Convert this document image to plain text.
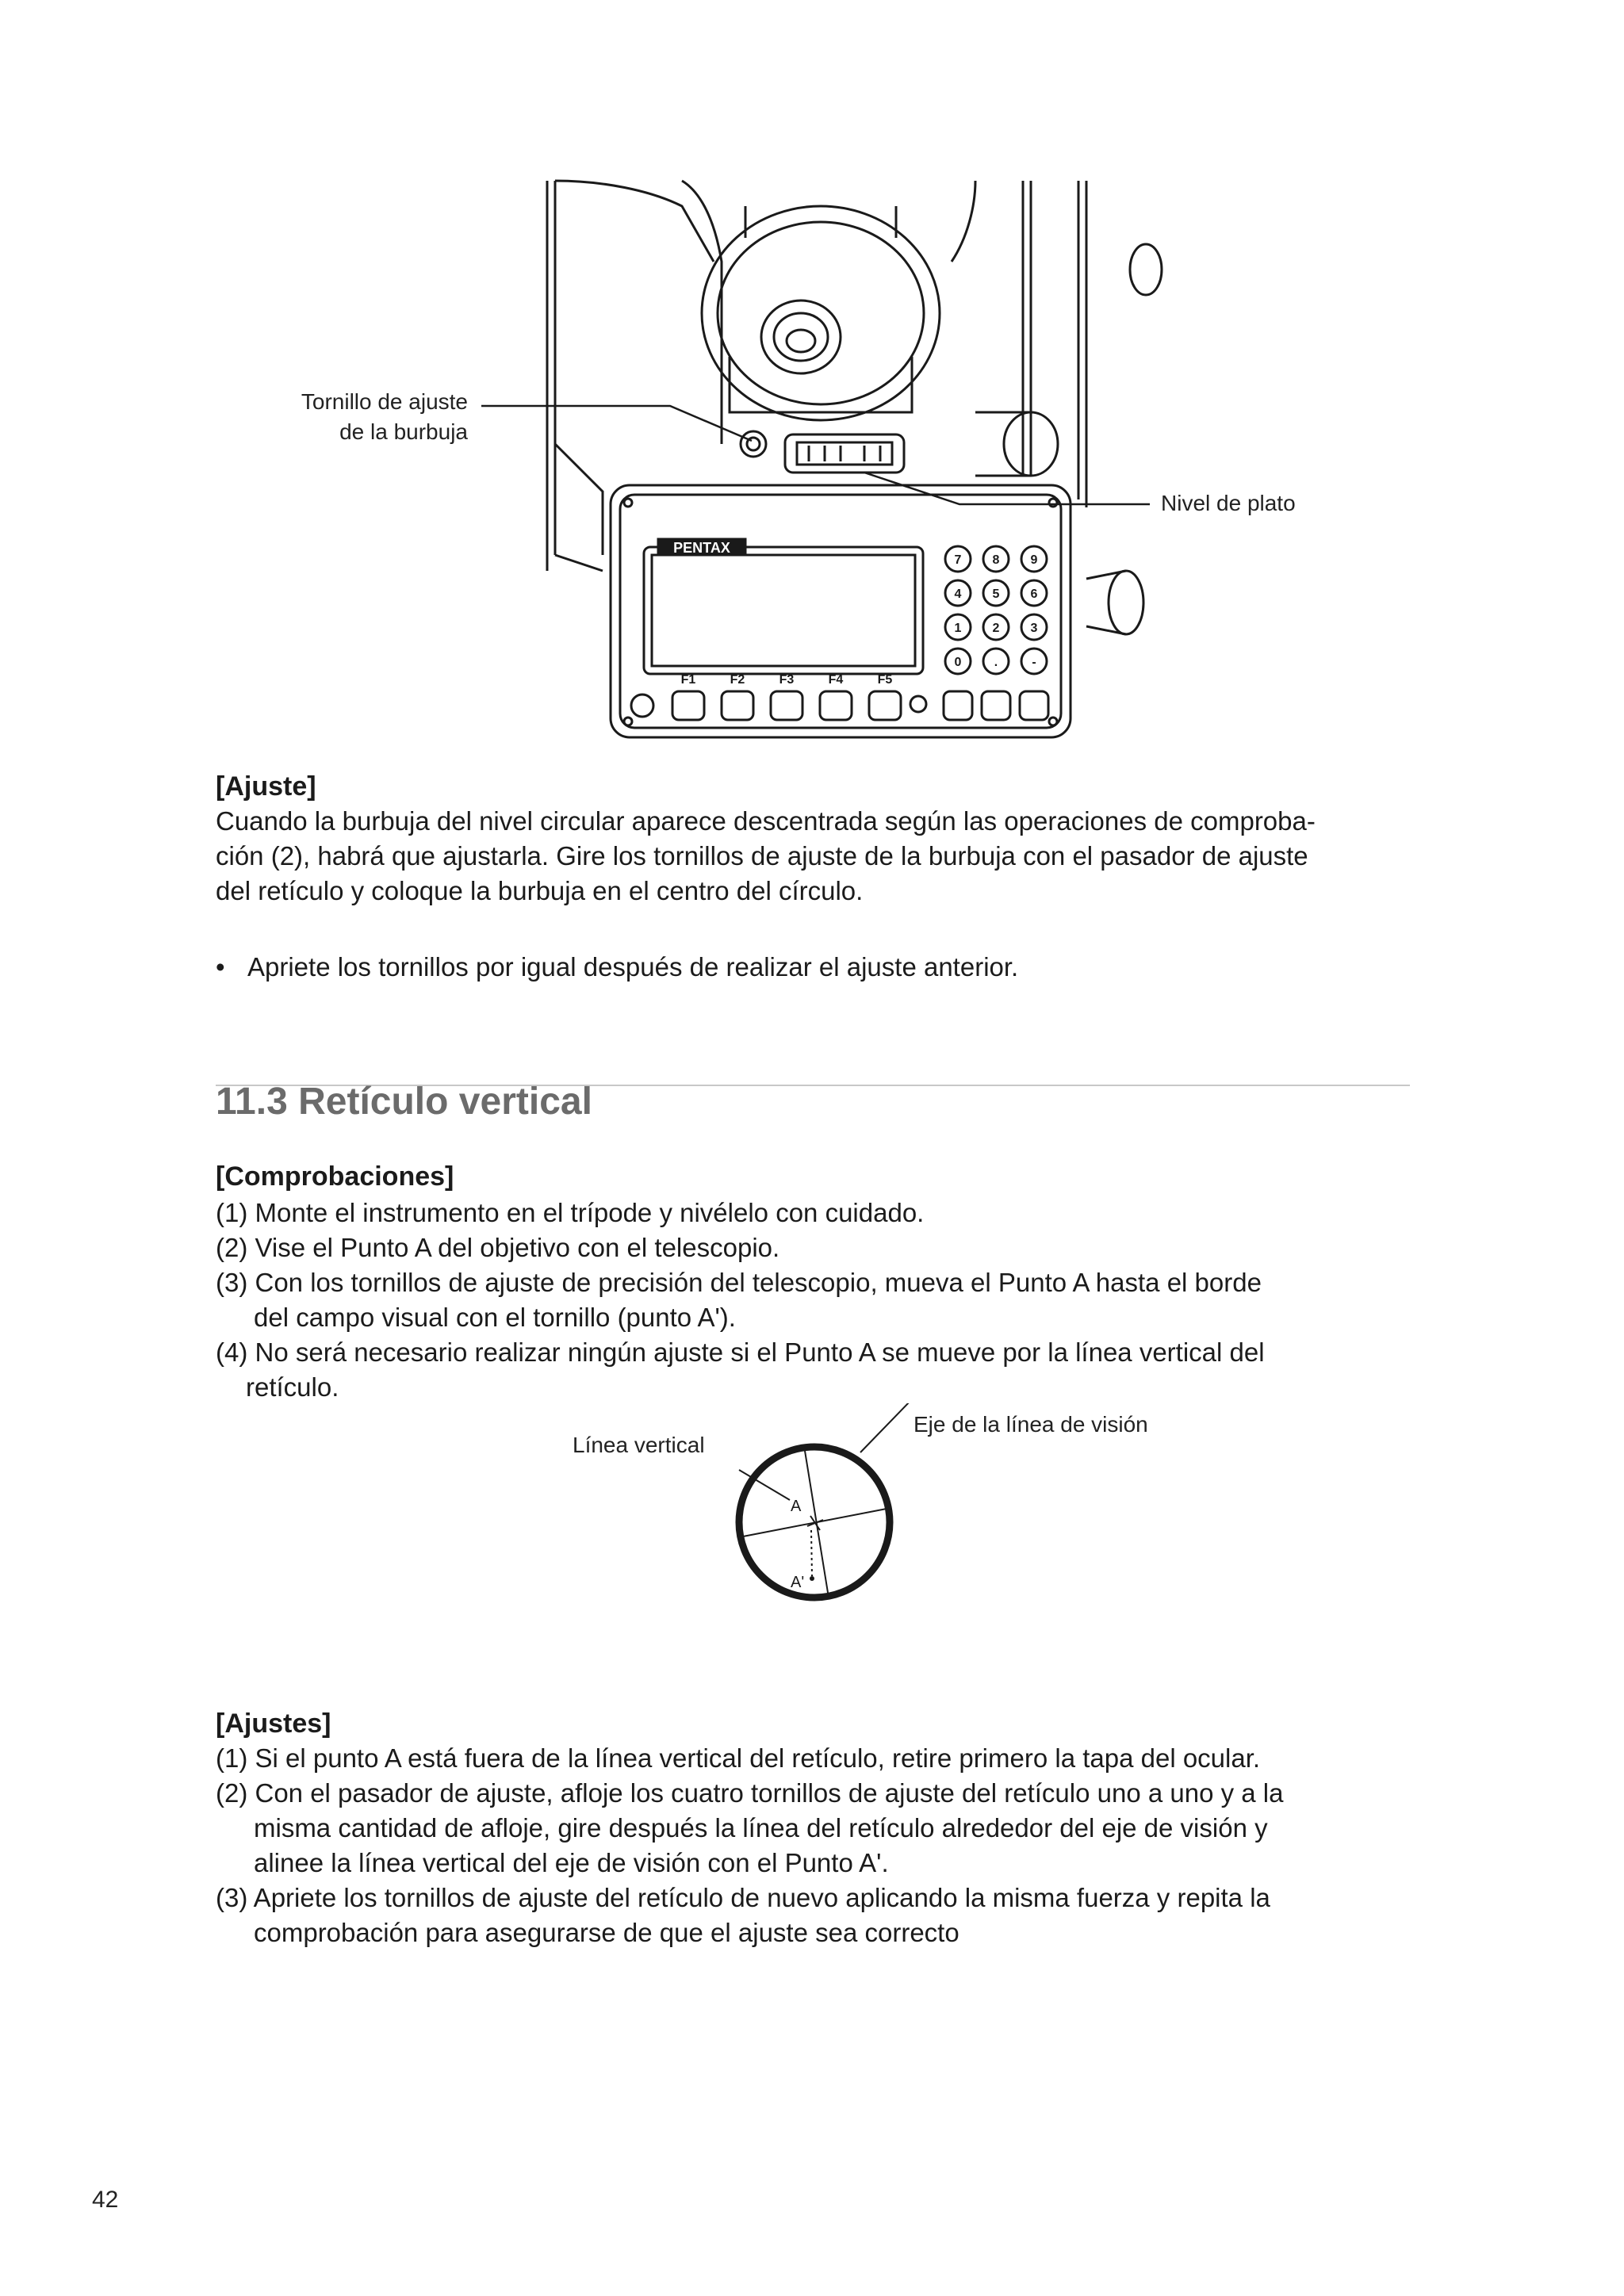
PENTAX
F1	F2	F3	F4	F5
7 8 9
4 5 6
1 2 3
0	.	-
Tornillo de ajuste
de la burbuja
Nivel de plato
[Ajuste]
Cuando la burbuja del nivel circular aparece descentrada según las operaciones de comproba-
ción (2), habrá que ajustarla. Gire los tornillos de ajuste de la burbuja con el pasador de ajuste
del retículo y coloque la burbuja en el centro del círculo.
• Apriete los tornillos por igual después de realizar el ajuste anterior.
11.3 Retículo vertical
[Comprobaciones]
(1) Monte el instrumento en el trípode y nivélelo con cuidado.
(2) Vise el Punto A del objetivo con el telescopio.
(3) Con los tornillos de ajuste de precisión del telescopio, mueva el Punto A hasta el borde
del campo visual con el tornillo (punto A').
(4) No será necesario realizar ningún ajuste si el Punto A se mueve por la línea vertical del
retículo.
A
A'
Línea vertical
Eje de la línea de visión
[Ajustes]
(1) Si el punto A está fuera de la línea vertical del retículo, retire primero la tapa del ocular.
(2) Con el pasador de ajuste, afloje los cuatro tornillos de ajuste del retículo uno a uno y a la
misma cantidad de afloje, gire después la línea del retículo alrededor del eje de visión y
alinee la línea vertical del eje de visión con el Punto A'.
(3) Apriete los tornillos de ajuste del retículo de nuevo aplicando la misma fuerza y repita la
comprobación para asegurarse de que el ajuste sea correcto
42
